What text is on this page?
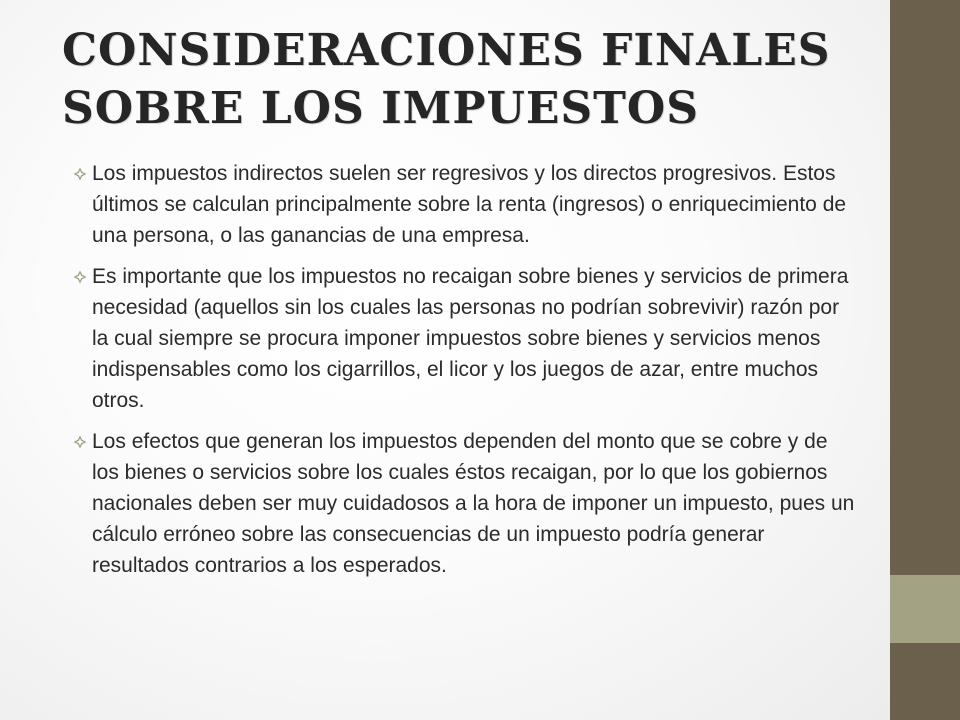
CONSIDERACIONES FINALES
SOBRE LOS IMPUESTOS
Los impuestos indirectos suelen ser regresivos y los directos progresivos. Estos últimos se calculan principalmente sobre la renta (ingresos) o enriquecimiento de una persona, o las ganancias de una empresa.
Es importante que los impuestos no recaigan sobre bienes y servicios de primera necesidad (aquellos sin los cuales las personas no podrían sobrevivir) razón por la cual siempre se procura imponer impuestos sobre bienes y servicios menos indispensables como los cigarrillos, el licor y los juegos de azar, entre muchos otros.
Los efectos que generan los impuestos dependen del monto que se cobre y de los bienes o servicios sobre los cuales éstos recaigan, por lo que los gobiernos nacionales deben ser muy cuidadosos a la hora de imponer un impuesto, pues un cálculo erróneo sobre las consecuencias de un impuesto podría generar resultados contrarios a los esperados.
